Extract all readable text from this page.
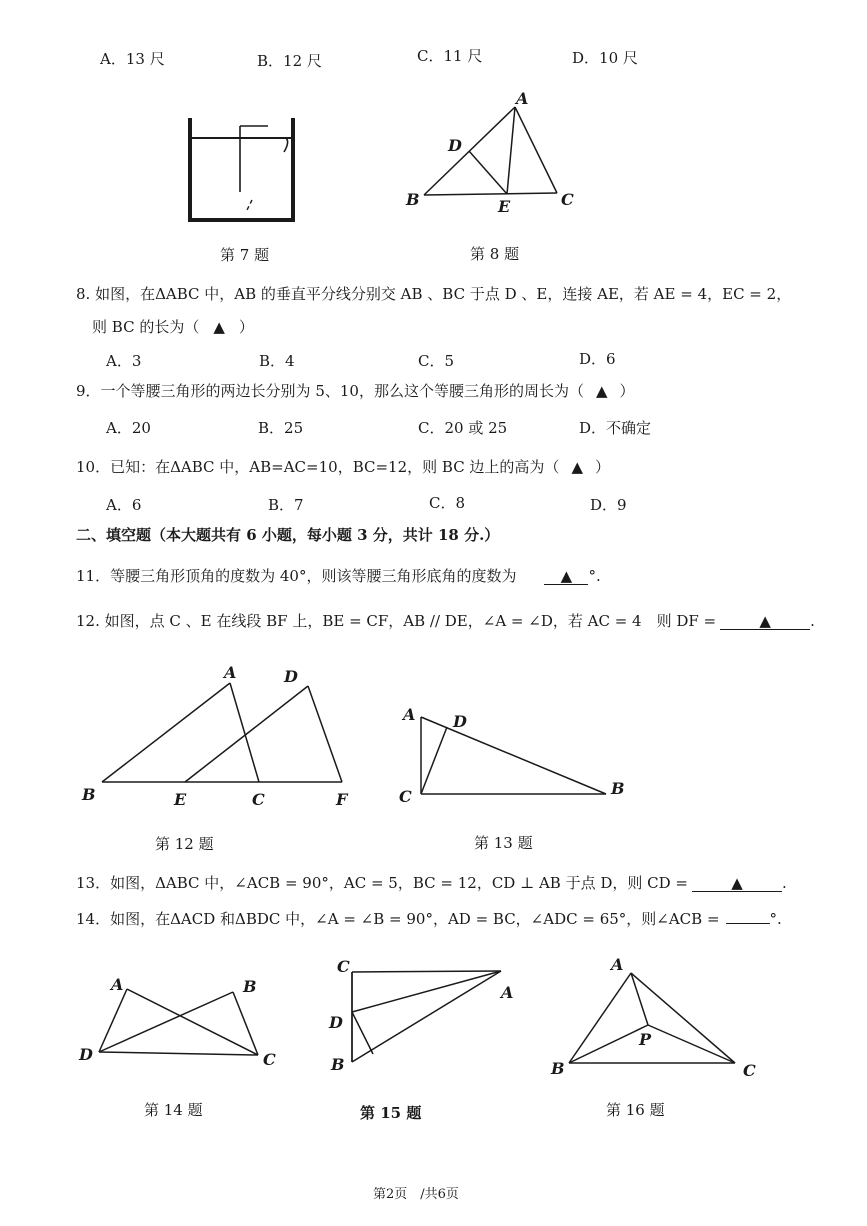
A．13 尺	B．12 尺	C．11 尺	D．10 尺
第 7 题
A
D
B	E	C
第 8 题
8. 如图，在ΔABC 中，AB 的垂直平分线分别交 AB 、BC 于点 D 、E，连接 AE，若 AE = 4，EC = 2，
则 BC 的长为（ ▲ ）
A．3	B．4	C．5	D．6
9．一个等腰三角形的两边长分别为 5、10，那么这个等腰三角形的周长为（ ▲ ）
A．20	B．25	C．20 或 25	D．不确定
10．已知：在ΔABC 中，AB=AC=10，BC=12，则 BC 边上的高为（ ▲ ）
A．6	B．7	C．8	D．9
二、填空题（本大题共有 6 小题，每小题 3 分，共计 18 分.）
11．等腰三角形顶角的度数为 40°，则该等腰三角形底角的度数为	▲ °.
12. 如图，点 C 、E 在线段 BF 上，BE = CF，AB // DE，∠A = ∠D，若 AC = 4　则 DF =	▲	.
A	D
B	E	C	F
第 12 题
A D
C	B
第 13 题
13．如图，ΔABC 中，∠ACB = 90°，AC = 5，BC = 12，CD ⊥ AB 于点 D，则 CD =	▲	.
14．如图，在ΔACD 和ΔBDC 中，∠A = ∠B = 90°，AD = BC，∠ADC = 65°，则∠ACB =	°.
A	B
D	C
第 14 题
C
A
D
B
第 15 题
A
P
B	C
第 16 题
第2页　/共6页
